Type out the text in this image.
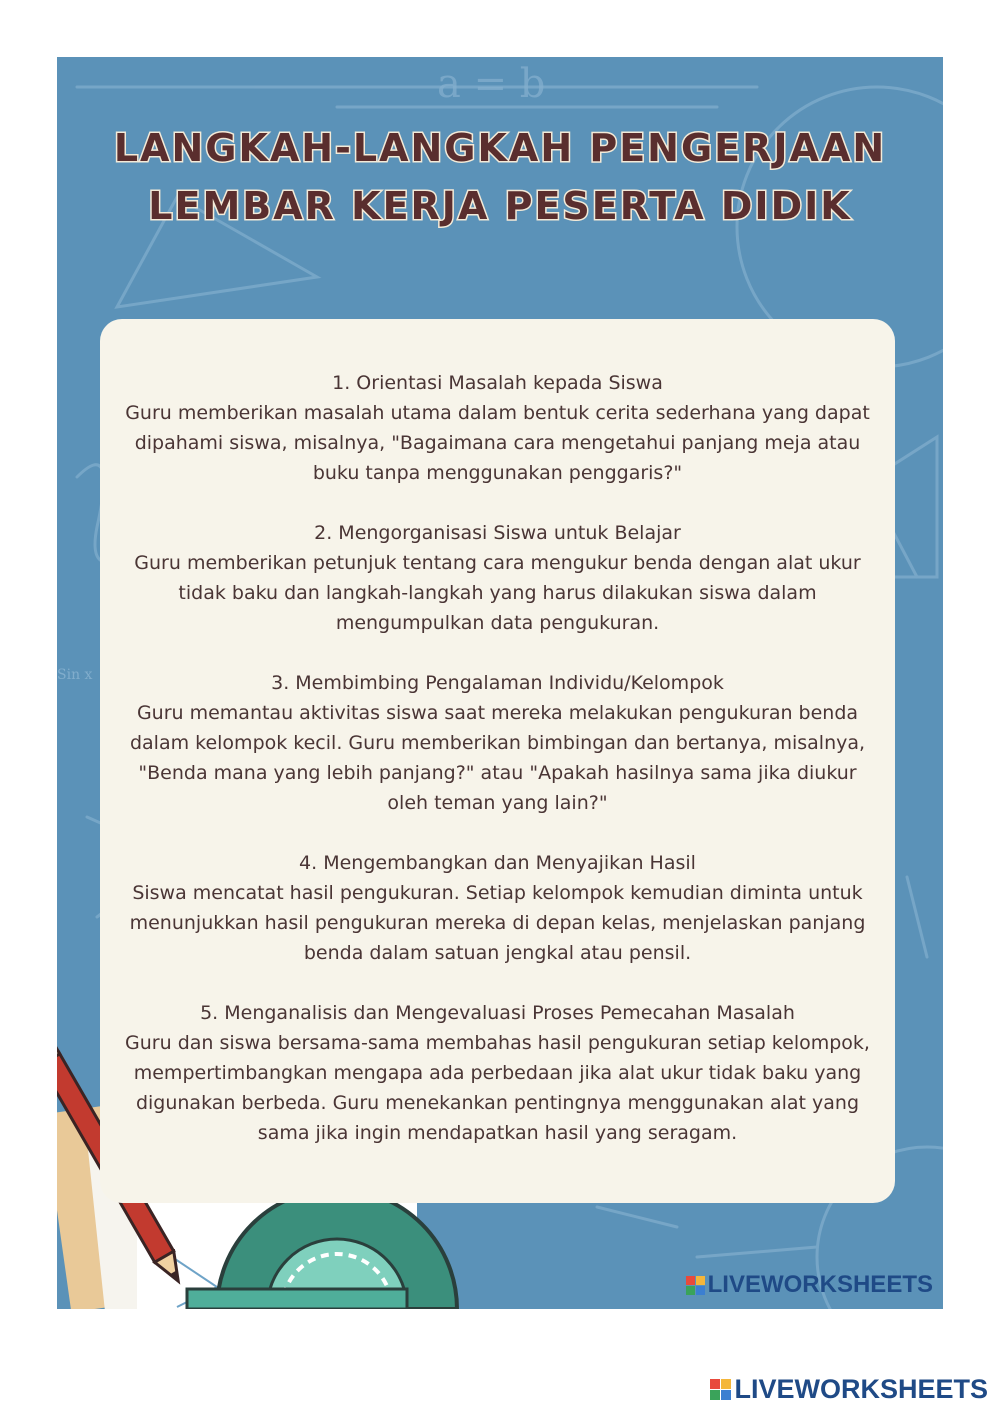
a = b
Sin x
LANGKAH-LANGKAH PENGERJAAN
LEMBAR KERJA PESERTA DIDIK

1. Orientasi Masalah kepada Siswa

Guru memberikan masalah utama dalam bentuk cerita sederhana yang dapat dipahami siswa, misalnya, "Bagaimana cara mengetahui panjang meja atau buku tanpa menggunakan penggaris?"

2. Mengorganisasi Siswa untuk Belajar

Guru memberikan petunjuk tentang cara mengukur benda dengan alat ukur tidak baku dan langkah-langkah yang harus dilakukan siswa dalam mengumpulkan data pengukuran.

3. Membimbing Pengalaman Individu/Kelompok

Guru memantau aktivitas siswa saat mereka melakukan pengukuran benda dalam kelompok kecil. Guru memberikan bimbingan dan bertanya, misalnya, "Benda mana yang lebih panjang?" atau "Apakah hasilnya sama jika diukur oleh teman yang lain?"

4. Mengembangkan dan Menyajikan Hasil

Siswa mencatat hasil pengukuran. Setiap kelompok kemudian diminta untuk menunjukkan hasil pengukuran mereka di depan kelas, menjelaskan panjang benda dalam satuan jengkal atau pensil.

5. Menganalisis dan Mengevaluasi Proses Pemecahan Masalah

Guru dan siswa bersama-sama membahas hasil pengukuran setiap kelompok, mempertimbangkan mengapa ada perbedaan jika alat ukur tidak baku yang digunakan berbeda. Guru menekankan pentingnya menggunakan alat yang sama jika ingin mendapatkan hasil yang seragam.

LIVEWORKSHEETS
LIVEWORKSHEETS
